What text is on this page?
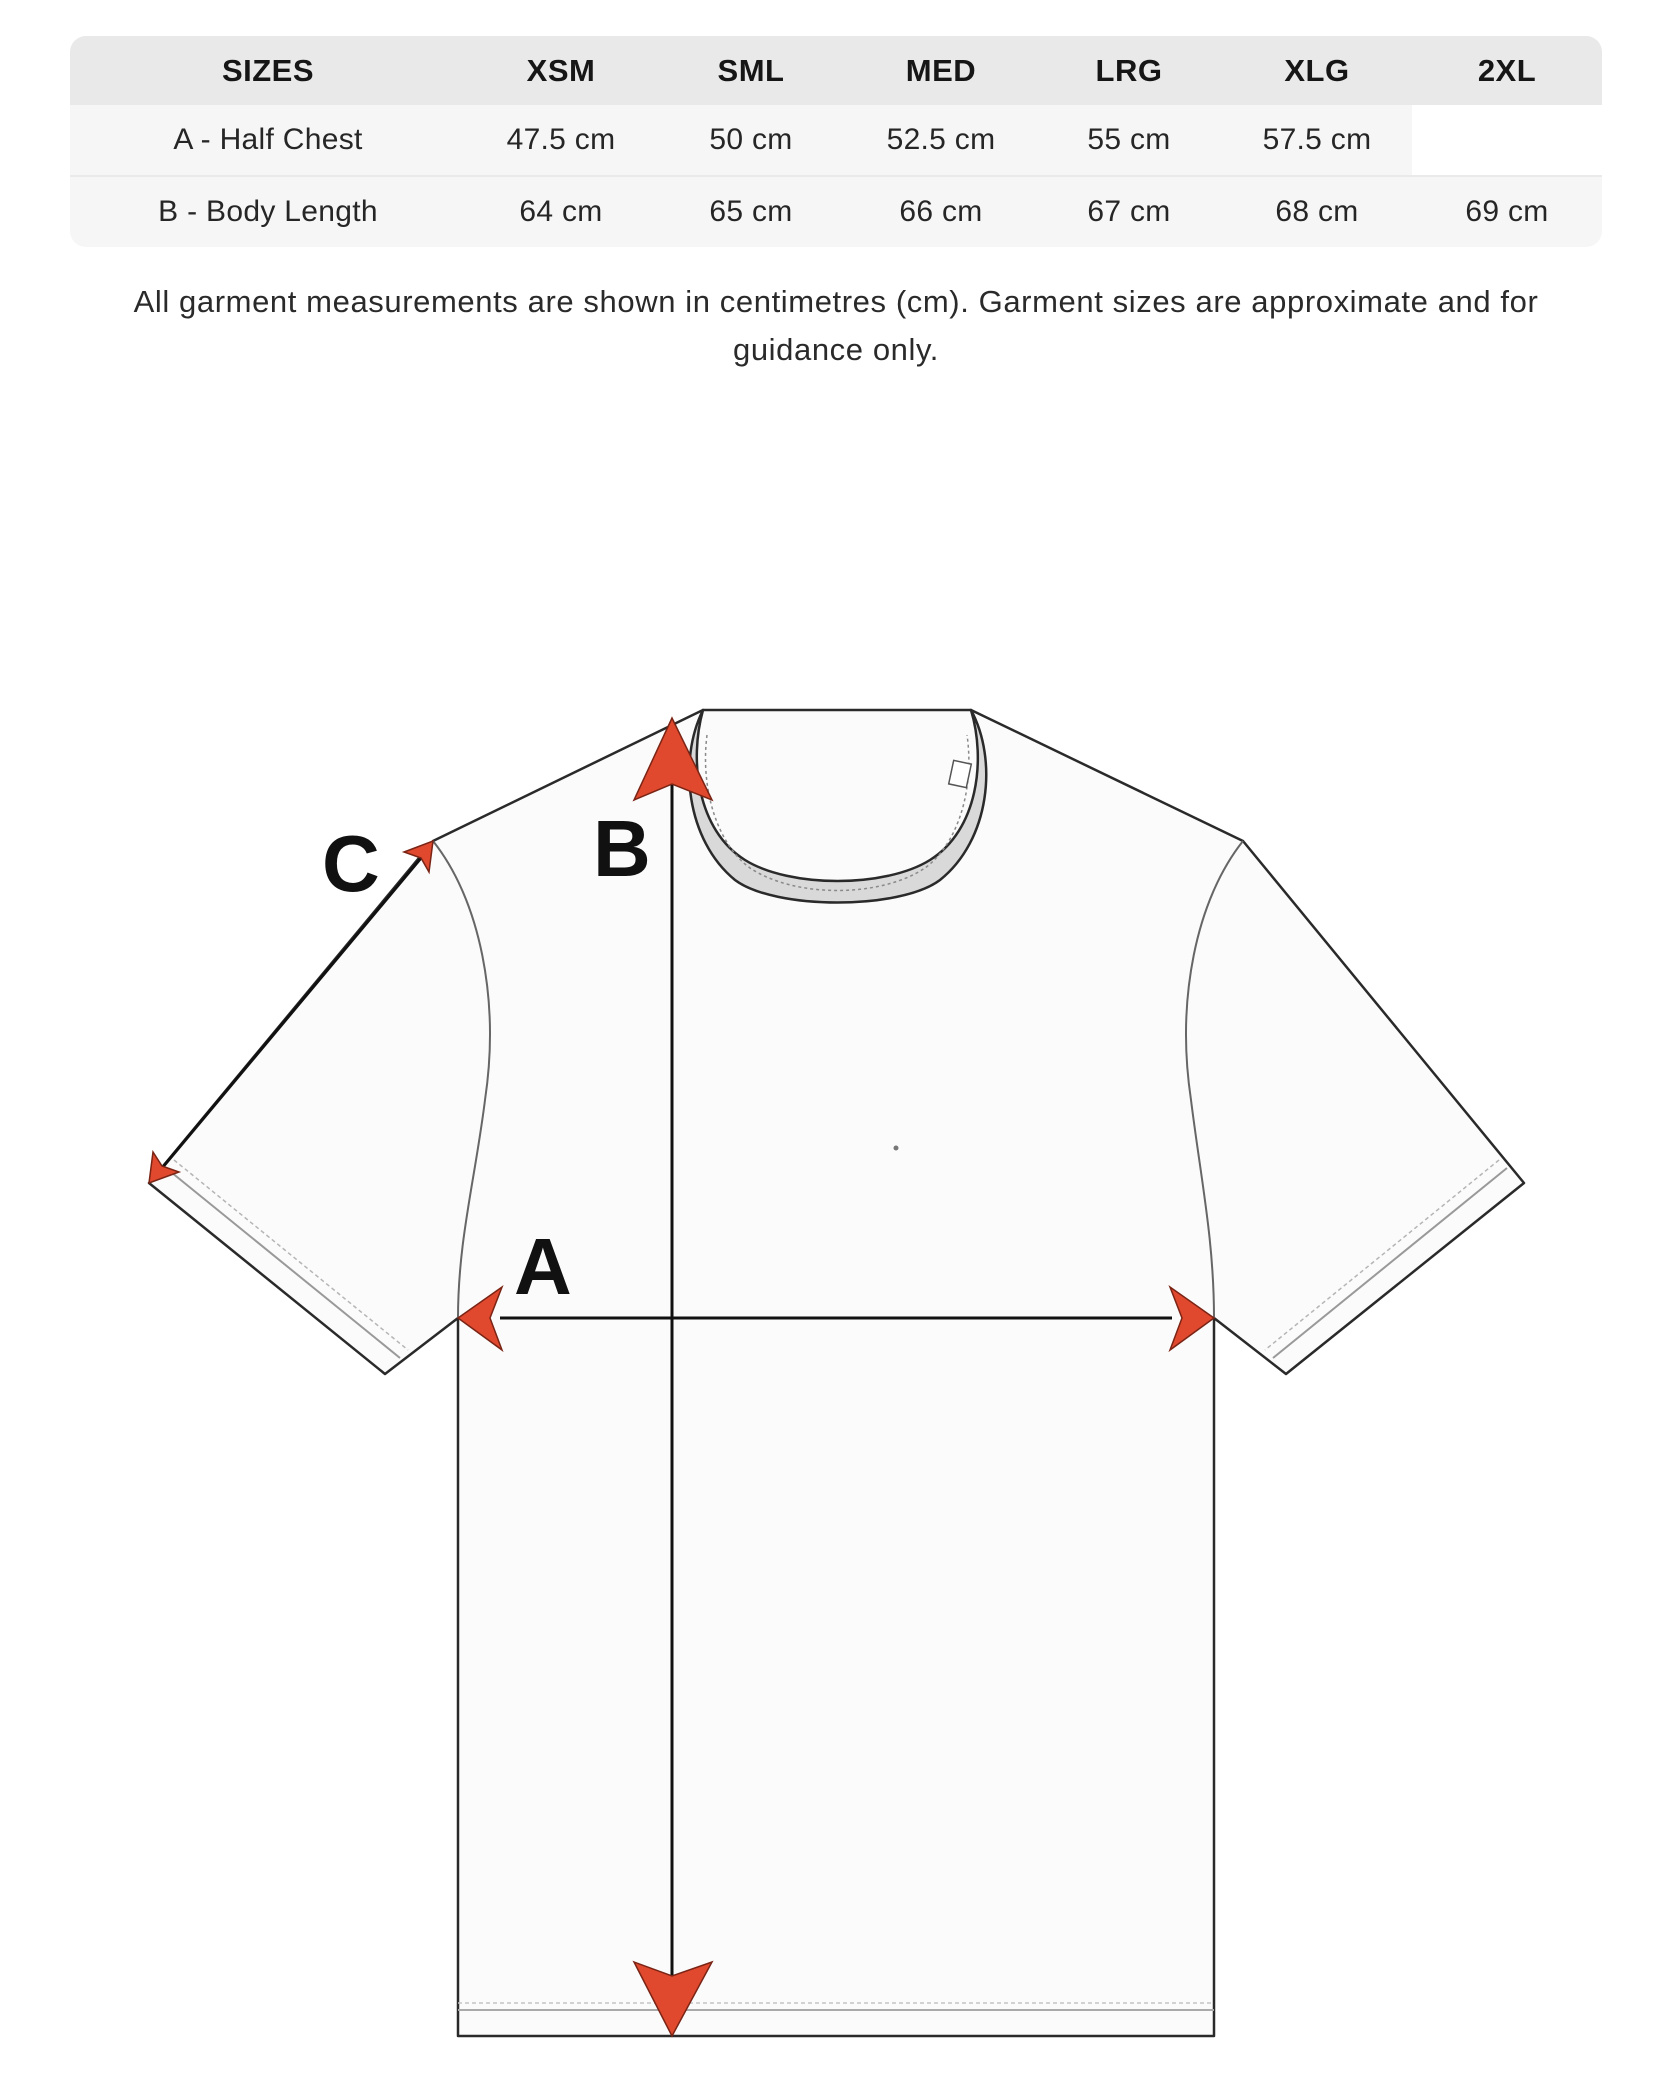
SIZES	XSM	SML	MED	LRG	XLG	2XL
A - Half Chest	47.5 cm	50 cm	52.5 cm	55 cm	57.5 cm	
B - Body Length	64 cm	65 cm	66 cm	67 cm	68 cm	69 cm
All garment measurements are shown in centimetres (cm). Garment sizes are approximate and for guidance only.
B
A
C
